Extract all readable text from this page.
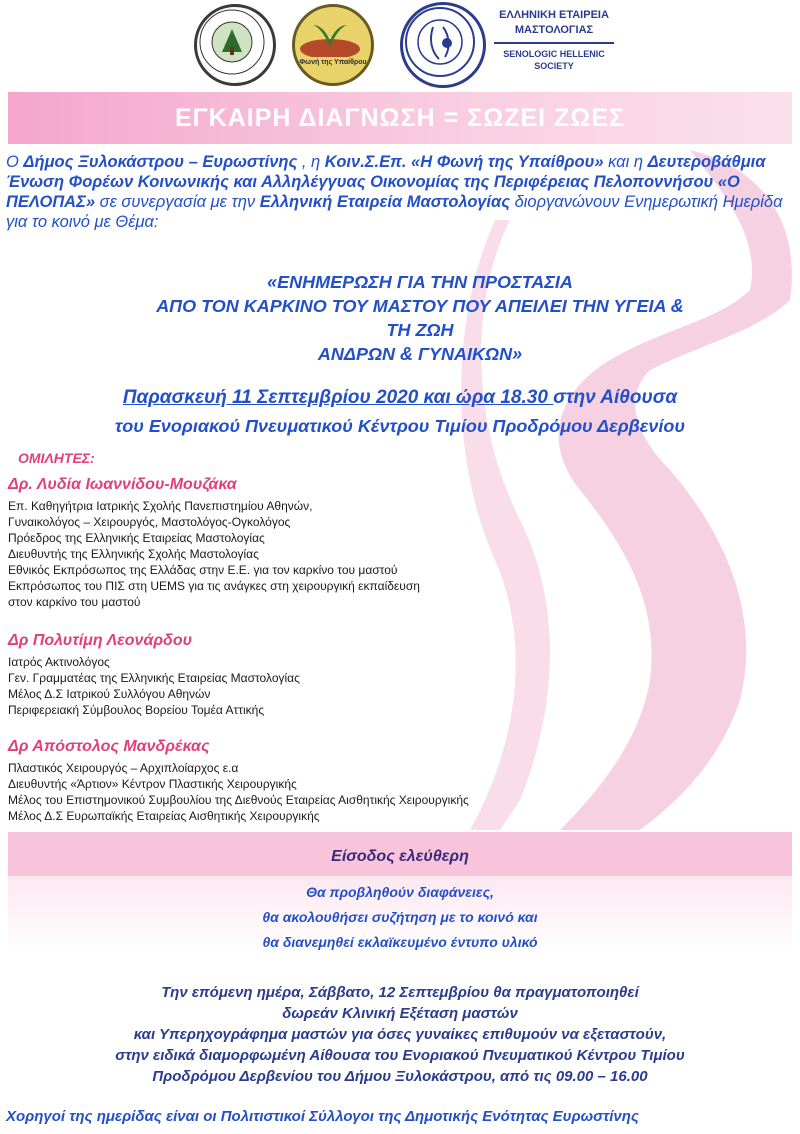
Φωνή της Υπαίθρου
ΕΛΛΗΝΙΚΗ ΕΤΑΙΡΕΙΑ ΜΑΣΤΟΛΟΓΙΑΣ
SENOLOGIC HELLENIC SOCIETY
ΕΓΚΑΙΡΗ ΔΙΑΓΝΩΣΗ = ΣΩΖΕΙ ΖΩΕΣ
Ο Δήμος Ξυλοκάστρου – Ευρωστίνης , η Κοιν.Σ.Επ. «Η Φωνή της Υπαίθρου» και η Δευτεροβάθμια Ένωση Φορέων Κοινωνικής και Αλληλέγγυας Οικονομίας της Περιφέρειας Πελοποννήσου «Ο ΠΕΛΟΠΑΣ» σε συνεργασία με την Ελληνική Εταιρεία Μαστολογίας διοργανώνουν Ενημερωτική Ημερίδα για το κοινό με Θέμα:
«ΕΝΗΜΕΡΩΣΗ ΓΙΑ ΤΗΝ ΠΡΟΣΤΑΣΙΑ
ΑΠΟ ΤΟΝ ΚΑΡΚΙΝΟ ΤΟΥ ΜΑΣΤΟΥ ΠΟΥ ΑΠΕΙΛΕΙ ΤΗΝ ΥΓΕΙΑ &
ΤΗ ΖΩΗ
ΑΝΔΡΩΝ & ΓΥΝΑΙΚΩΝ»
Παρασκευή 11 Σεπτεμβρίου 2020 και ώρα 18.30 στην Αίθουσα
του Ενοριακού Πνευματικού Κέντρου Τιμίου Προδρόμου Δερβενίου
ΟΜΙΛΗΤΕΣ:
Δρ. Λυδία Ιωαννίδου-Μουζάκα
Επ. Καθηγήτρια Ιατρικής Σχολής Πανεπιστημίου Αθηνών,
Γυναικολόγος – Χειρουργός, Μαστολόγος-Ογκολόγος
Πρόεδρος της Ελληνικής Εταιρείας Μαστολογίας
Διευθυντής της Ελληνικής Σχολής Μαστολογίας
Εθνικός Εκπρόσωπος της Ελλάδας στην Ε.Ε. για τον καρκίνο του μαστού
Εκπρόσωπος του ΠΙΣ στη UEMS για τις ανάγκες στη χειρουργική εκπαίδευση
στον καρκίνο του μαστού
Δρ Πολυτίμη Λεονάρδου
Ιατρός Ακτινολόγος
Γεν. Γραμματέας της Ελληνικής Εταιρείας Μαστολογίας
Μέλος Δ.Σ Ιατρικού Συλλόγου Αθηνών
Περιφερειακή Σύμβουλος Βορείου Τομέα Αττικής
Δρ Απόστολος Μανδρέκας
Πλαστικός Χειρουργός – Αρχιπλοίαρχος ε.α
Διευθυντής «Άρτιον» Κέντρον Πλαστικής Χειρουργικής
Μέλος του Επιστημονικού Συμβουλίου της Διεθνούς Εταιρείας Αισθητικής Χειρουργικής
Μέλος Δ.Σ Ευρωπαϊκής Εταιρείας Αισθητικής Χειρουργικής
Είσοδος ελεύθερη
Θα προβληθούν διαφάνειες,
θα ακολουθήσει συζήτηση με το κοινό και
θα διανεμηθεί εκλαϊκευμένο έντυπο υλικό
Την επόμενη ημέρα, Σάββατο, 12 Σεπτεμβρίου θα πραγματοποιηθεί
δωρεάν Κλινική Εξέταση μαστών
και Υπερηχογράφημα μαστών για όσες γυναίκες επιθυμούν να εξεταστούν,
στην ειδικά διαμορφωμένη Αίθουσα του Ενοριακού Πνευματικού Κέντρου Τιμίου
Προδρόμου Δερβενίου του Δήμου Ξυλοκάστρου, από τις 09.00 – 16.00
Χορηγοί της ημερίδας είναι οι Πολιτιστικοί Σύλλογοι της Δημοτικής Ενότητας Ευρωστίνης
